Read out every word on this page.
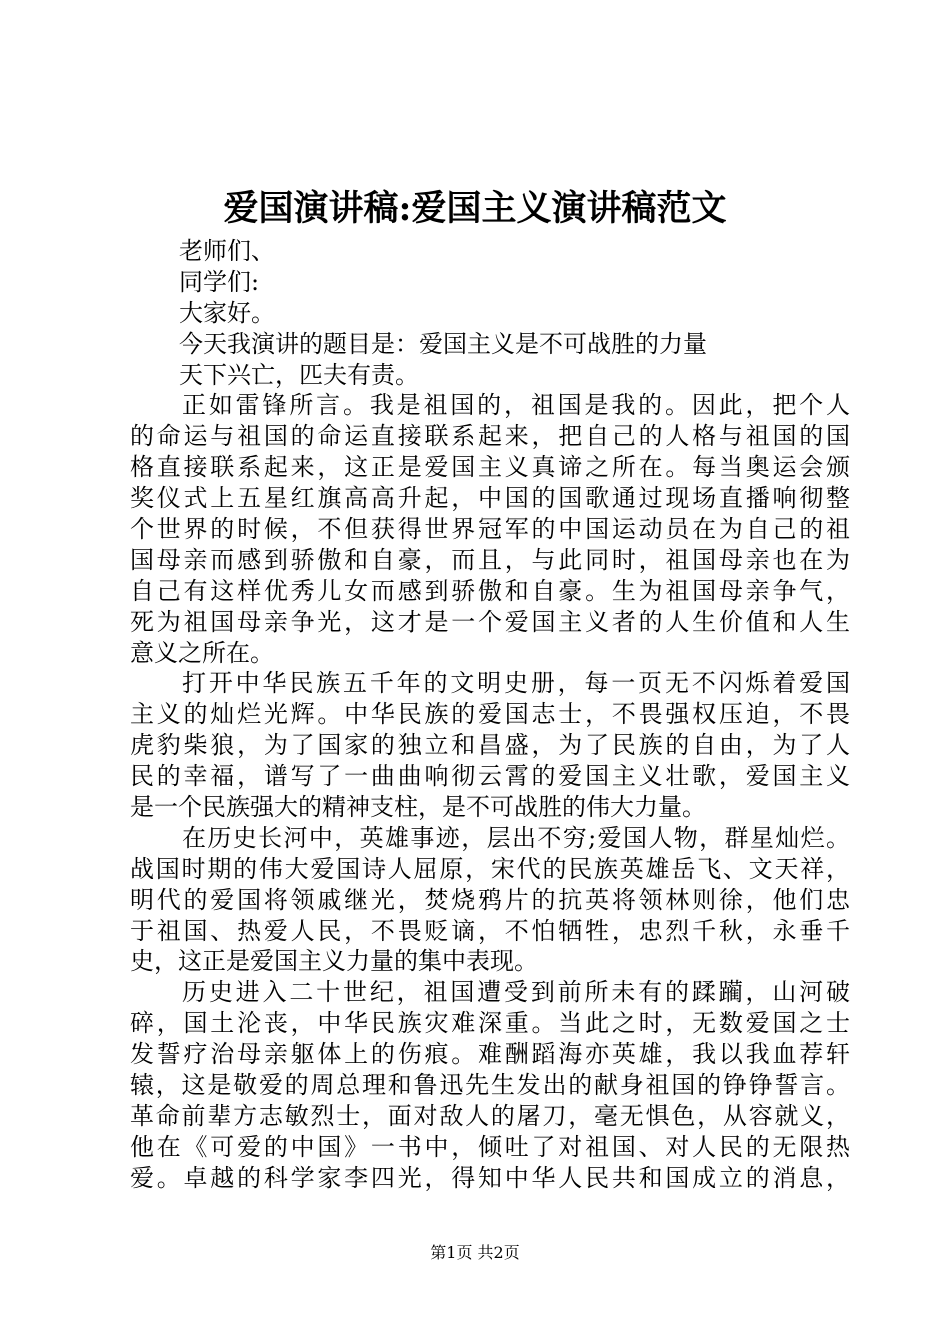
爱国演讲稿:爱国主义演讲稿范文
老师们、
同学们:
大家好。
今天我演讲的题目是：爱国主义是不可战胜的力量
天下兴亡，匹夫有责。
正如雷锋所言。我是祖国的，祖国是我的。因此，把个人
的命运与祖国的命运直接联系起来，把自己的人格与祖国的国
格直接联系起来，这正是爱国主义真谛之所在。每当奥运会颁
奖仪式上五星红旗高高升起，中国的国歌通过现场直播响彻整
个世界的时候，不但获得世界冠军的中国运动员在为自己的祖
国母亲而感到骄傲和自豪，而且，与此同时，祖国母亲也在为
自己有这样优秀儿女而感到骄傲和自豪。生为祖国母亲争气，
死为祖国母亲争光，这才是一个爱国主义者的人生价值和人生
意义之所在。
打开中华民族五千年的文明史册，每一页无不闪烁着爱国
主义的灿烂光辉。中华民族的爱国志士，不畏强权压迫，不畏
虎豹柴狼，为了国家的独立和昌盛，为了民族的自由，为了人
民的幸福，谱写了一曲曲响彻云霄的爱国主义壮歌，爱国主义
是一个民族强大的精神支柱，是不可战胜的伟大力量。
在历史长河中，英雄事迹，层出不穷;爱国人物，群星灿烂。
战国时期的伟大爱国诗人屈原，宋代的民族英雄岳飞、文天祥，
明代的爱国将领戚继光，焚烧鸦片的抗英将领林则徐，他们忠
于祖国、热爱人民，不畏贬谪，不怕牺牲，忠烈千秋，永垂千
史，这正是爱国主义力量的集中表现。
历史进入二十世纪，祖国遭受到前所未有的蹂躏，山河破
碎，国土沦丧，中华民族灾难深重。当此之时，无数爱国之士
发誓疗治母亲躯体上的伤痕。难酬蹈海亦英雄，我以我血荐轩
辕，这是敬爱的周总理和鲁迅先生发出的献身祖国的铮铮誓言。
革命前辈方志敏烈士，面对敌人的屠刀，毫无惧色，从容就义，
他在《可爱的中国》一书中，倾吐了对祖国、对人民的无限热
爱。卓越的科学家李四光，得知中华人民共和国成立的消息，
第1页 共2页
